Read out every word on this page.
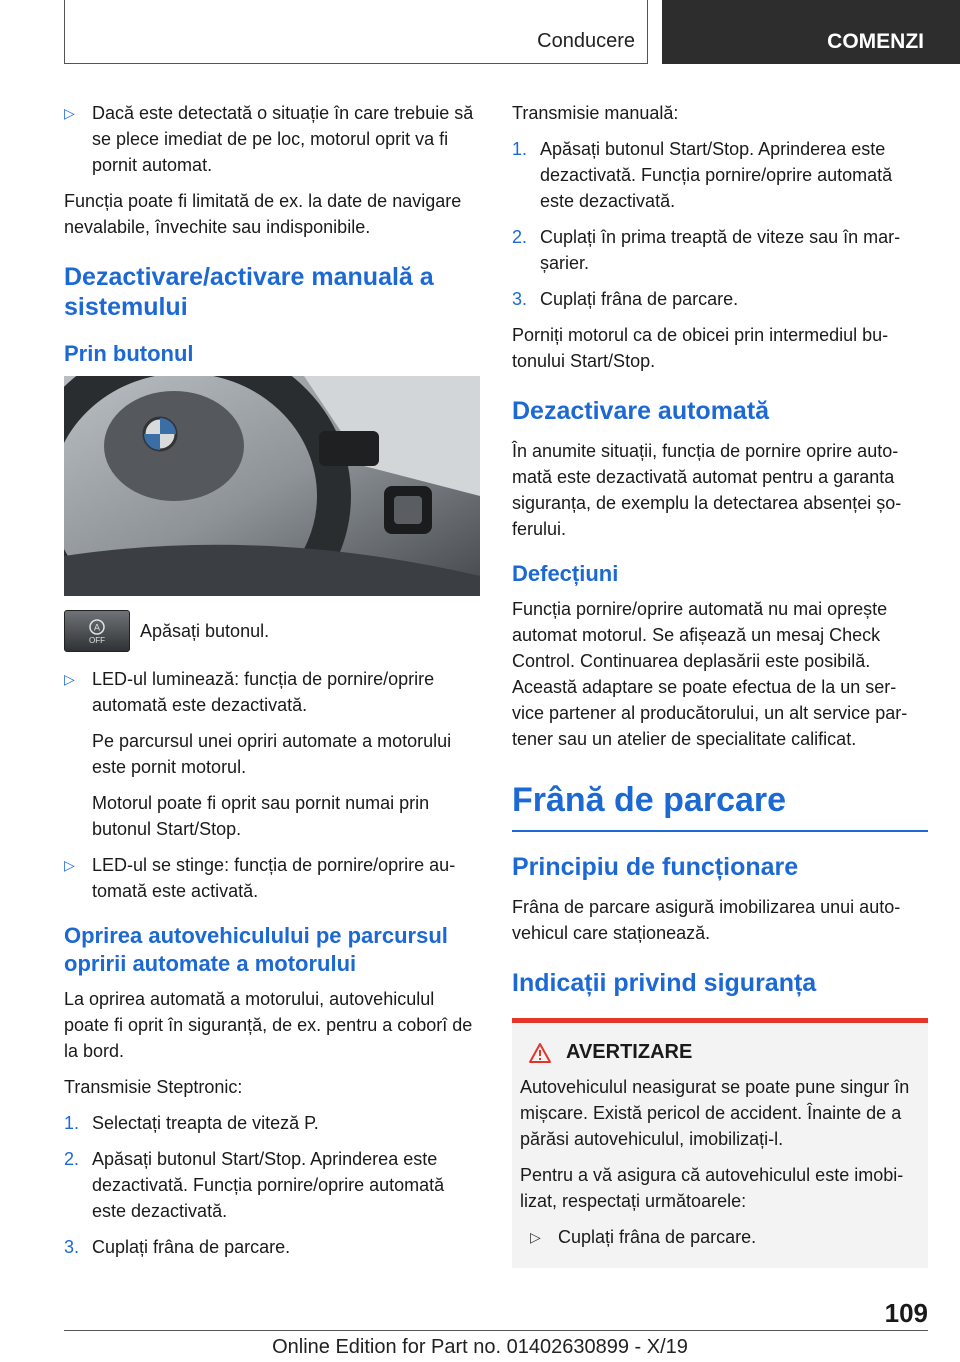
Conducere	COMENZI
▷ Dacă este detectată o situație în care trebuie să se plece imediat de pe loc, motorul oprit va fi pornit automat.

Funcția poate fi limitată de ex. la date de navigare nevalabile, învechite sau indisponibile.

Dezactivare/activare manuală a sistemului
Prin butonul
A
OFF Apăsați butonul.

▷ LED-ul luminează: funcția de pornire/oprire automată este dezactivată.

Pe parcursul unei opriri automate a motorului este pornit motorul.

Motorul poate fi oprit sau pornit numai prin butonul Start/Stop.

▷ LED-ul se stinge: funcția de pornire/oprire au-tomată este activată.

Oprirea autovehiculului pe parcursul opririi automate a motorului

La oprirea automată a motorului, autovehiculul poate fi oprit în siguranță, de ex. pentru a coborî de la bord.

Transmisie Steptronic:

1. Selectați treapta de viteză P.
2. Apăsați butonul Start/Stop. Aprinderea este dezactivată. Funcția pornire/oprire automată este dezactivată.
3. Cuplați frâna de parcare.

Transmisie manuală:

1. Apăsați butonul Start/Stop. Aprinderea este dezactivată. Funcția pornire/oprire automată este dezactivată.
2. Cuplați în prima treaptă de viteze sau în mar-șarier.
3. Cuplați frâna de parcare.

Porniți motorul ca de obicei prin intermediul bu-tonului Start/Stop.

Dezactivare automată

În anumite situații, funcția de pornire oprire auto-mată este dezactivată automat pentru a garanta siguranța, de exemplu la detectarea absenței șo-ferului.

Defecțiuni

Funcția pornire/oprire automată nu mai oprește automat motorul. Se afișează un mesaj Check Control. Continuarea deplasării este posibilă. Această adaptare se poate efectua de la un ser-vice partener al producătorului, un alt service par-tener sau un atelier de specialitate calificat.

Frână de parcare
Principiu de funcționare

Frâna de parcare asigură imobilizarea unui auto-vehicul care staționează.

Indicații privind siguranța
AVERTIZARE

Autovehiculul neasigurat se poate pune singur în mișcare. Există pericol de accident. Înainte de a părăsi autovehiculul, imobilizați-l.

Pentru a vă asigura că autovehiculul este imobi-lizat, respectați următoarele:

▷ Cuplați frâna de parcare.

109
Online Edition for Part no. 01402630899 - X/19
